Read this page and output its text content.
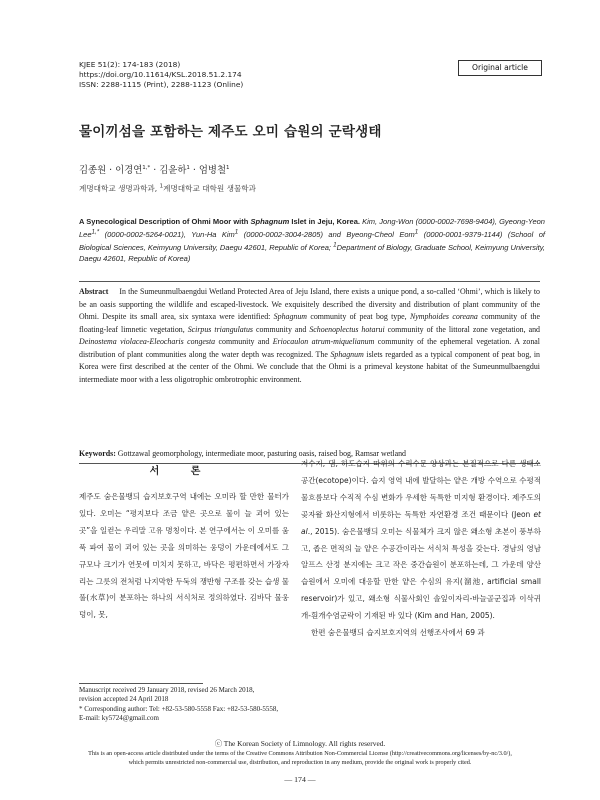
KJEE 51(2): 174-183 (2018)
https://doi.org/10.11614/KSL.2018.51.2.174
ISSN: 2288-1115 (Print), 2288-1123 (Online)
Original article
물이끼섬을 포함하는 제주도 오미 습원의 군락생태
김종원 · 이경연$^{1,*}$ · 김윤하$^1$ · 엄병철$^1$
계명대학교 생명과학과, $^1$계명대학교 대학원 생물학과
A Synecological Description of Ohmi Moor with Sphagnum Islet in Jeju, Korea. Kim, Jong-Won (0000-0002-7698-9404), Gyeong-Yeon Lee$^{1,*}$ (0000-0002-5264-0021), Yun-Ha Kim$^1$ (0000-0002-3004-2805) and Byeong-Cheol Eom$^1$ (0000-0001-9379-1144) (School of Biological Sciences, Keimyung University, Daegu 42601, Republic of Korea; $^1$Department of Biology, Graduate School, Keimyung University, Daegu 42601, Republic of Korea)
Abstract In the Sumeunmulbaengdui Wetland Protected Area of Jeju Island, there exists a unique pond, a so-called ‘Ohmi’, which is likely to be an oasis supporting the wildlife and escaped-livestock. We exquisitely described the diversity and distribution of plant community of the Ohmi. Despite its small area, six syntaxa were identified: Sphagnum community of peat bog type, Nymphoides coreana community of the floating-leaf limnetic vegetation, Scirpus triangulatus community and Schoenoplectus hotarui community of the littoral zone vegetation, and Deinostema violacea-Eleocharis congesta community and Eriocaulon atrum-miquelianum community of the ephemeral vegetation. A zonal distribution of plant communities along the water depth was recognized. The Sphagnum islets regarded as a typical component of peat bog, in Korea were first described at the center of the Ohmi. We conclude that the Ohmi is a primeval keystone habitat of the Sumeunmulbaengdui intermediate moor with a less oligotrophic ombrotrophic environment.
Keywords: Gottzawal geomorphology, intermediate moor, pasturing oasis, raised bog, Ramsar wetland
서 론
제주도 숨은물뱅듸 습지보호구역 내에는 오미라 할 만한 물터가 있다. 오미는 “평지보다 조금 얕은 곳으로 물이 늘 괴어 있는 곳”을 일컫는 우리말 고유 명칭이다. 본 연구에서는 이 오미를 움푹 파여 물이 괴어 있는 곳을 의미하는 웅덩이 가운데에서도 그 규모나 크기가 연못에 미치지 못하고, 바닥은 평편하면서 가장자리는 그릇의 전처럼 나지막한 두둑의 쟁반형 구조를 갖는 습생 물풀(水草)이 분포하는 하나의 서식처로 정의하였다. 김바닥 물웅덩이, 못,

저수지, 댐, 하도습지 따위의 수리수문 양상과는 본질적으로 다른 생태소공간(ecotope)이다. 습지 영역 내에 발달하는 얕은 개방 수역으로 수평적 물흐름보다 수직적 수심 변화가 우세한 독특한 미지형 환경이다. 제주도의 곶자왈 화산지형에서 비롯하는 독특한 자연환경 조건 때문이다 (Jeon et al., 2015). 숨은물뱅듸 오미는 식물체가 크지 않은 왜소형 초본이 풍부하고, 좁은 면적의 늘 얕은 수공간이라는 서식처 특성을 갖는다. 경남의 영남알프스 산정 분지에는 크고 작은 중간습원이 분포하는데, 그 가운데 양산습원에서 오미에 대응할 만한 얕은 수심의 유지(溜池, artificial small reservoir)가 있고, 왜소형 식물사회인 솔잎이자리-바늘골군집과 이삭귀개-흰개수염군락이 기재된 바 있다 (Kim and Han, 2005).

한편 숨은물뱅듸 습지보호지역의 선행조사에서 69 과

Manuscript received 29 January 2018, revised 26 March 2018,
revision accepted 24 April 2018
* Corresponding author: Tel: +82-53-580-5558 Fax: +82-53-580-5558,
E-mail: ky5724@gmail.com
ⓒ The Korean Society of Limnology. All rights reserved.
This is an open-access article distributed under the terms of the Creative Commons Attribution Non-Commercial License (http://creativecommons.org/licenses/by-nc/3.0/),
which permits unrestricted non-commercial use, distribution, and reproduction in any medium, provide the original work is properly cited.
— 174 —
